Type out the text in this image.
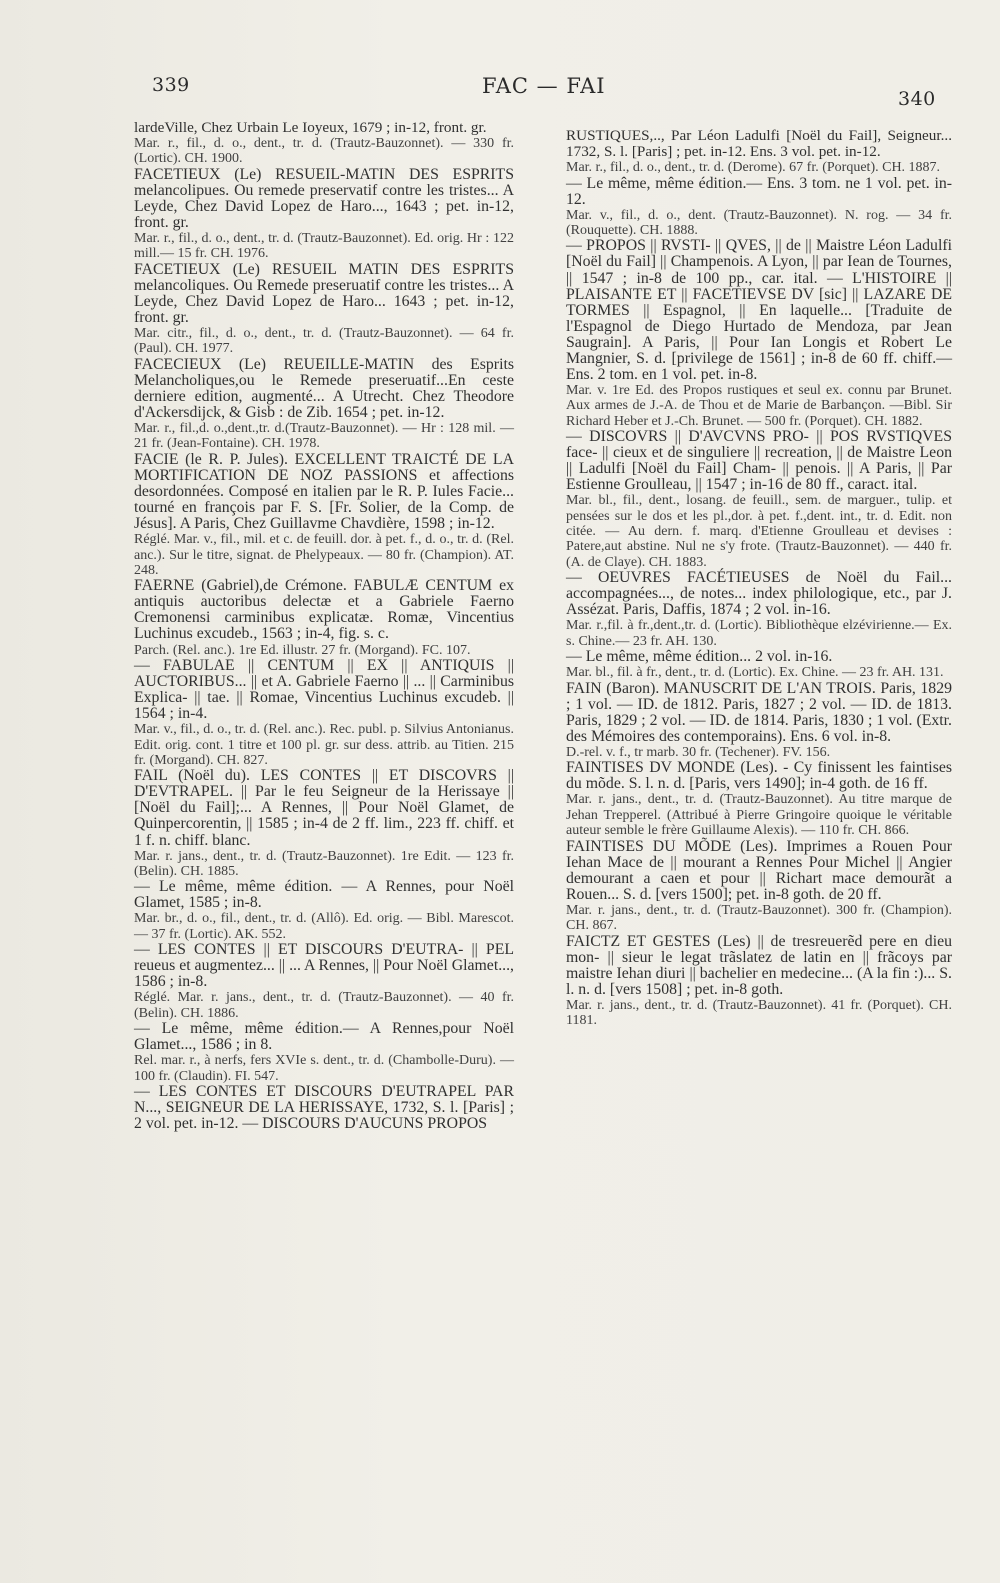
339	FAC — FAI
340

lardeVille, Chez Urbain Le Ioyeux, 1679 ; in-12, front. gr.

Mar. r., fil., d. o., dent., tr. d. (Trautz-Bauzonnet). — 330 fr. (Lortic). CH. 1900.

FACETIEUX (Le) RESUEIL-MATIN DES ESPRITS melancolipues. Ou remede preservatif contre les tristes... A Leyde, Chez David Lopez de Haro..., 1643 ; pet. in-12, front. gr.

Mar. r., fil., d. o., dent., tr. d. (Trautz-Bauzonnet). Ed. orig. Hr : 122 mill.— 15 fr. CH. 1976.

FACETIEUX (Le) RESUEIL MATIN DES ESPRITS melancoliques. Ou Remede preseruatif contre les tristes... A Leyde, Chez David Lopez de Haro... 1643 ; pet. in-12, front. gr.

Mar. citr., fil., d. o., dent., tr. d. (Trautz-Bauzonnet). — 64 fr. (Paul). CH. 1977.

FACECIEUX (Le) REUEILLE-MATIN des Esprits Melancholiques,ou le Remede preseruatif...En ceste derniere edition, augmenté... A Utrecht. Chez Theodore d'Ackersdijck, & Gisb : de Zib. 1654 ; pet. in-12.

Mar. r., fil.,d. o.,dent.,tr. d.(Trautz-Bauzonnet). — Hr : 128 mil. —21 fr. (Jean-Fontaine). CH. 1978.

FACIE (le R. P. Jules). EXCELLENT TRAICTÉ DE LA MORTIFICATION DE NOZ PASSIONS et affections desordonnées. Composé en italien par le R. P. Iules Facie... tourné en françois par F. S. [Fr. Solier, de la Comp. de Jésus]. A Paris, Chez Guillavme Chavdière, 1598 ; in-12.

Réglé. Mar. v., fil., mil. et c. de feuill. dor. à pet. f., d. o., tr. d. (Rel. anc.). Sur le titre, signat. de Phelypeaux. — 80 fr. (Champion). AT. 248.

FAERNE (Gabriel),de Crémone. FABULÆ CENTUM ex antiquis auctoribus delectæ et a Gabriele Faerno Cremonensi carminibus explicatæ. Romæ, Vincentius Luchinus excudeb., 1563 ; in-4, fig. s. c.

Parch. (Rel. anc.). 1re Ed. illustr. 27 fr. (Morgand). FC. 107.

— FABULAE || CENTUM || EX || ANTIQUIS || AUCTORIBUS... || et A. Gabriele Faerno || ... || Carminibus Explica- || tae. || Romae, Vincentius Luchinus excudeb. || 1564 ; in-4.

Mar. v., fil., d. o., tr. d. (Rel. anc.). Rec. publ. p. Silvius Antonianus. Edit. orig. cont. 1 titre et 100 pl. gr. sur dess. attrib. au Titien. 215 fr. (Morgand). CH. 827.

FAIL (Noël du). LES CONTES || ET DISCOVRS || D'EVTRAPEL. || Par le feu Seigneur de la Herissaye || [Noël du Fail];... A Rennes, || Pour Noël Glamet, de Quinpercorentin, || 1585 ; in-4 de 2 ff. lim., 223 ff. chiff. et 1 f. n. chiff. blanc.

Mar. r. jans., dent., tr. d. (Trautz-Bauzonnet). 1re Edit. — 123 fr. (Belin). CH. 1885.

— Le même, même édition. — A Rennes, pour Noël Glamet, 1585 ; in-8.

Mar. br., d. o., fil., dent., tr. d. (Allô). Ed. orig. — Bibl. Marescot. — 37 fr. (Lortic). AK. 552.

— LES CONTES || ET DISCOURS D'EUTRA- || PEL reueus et augmentez... || ... A Rennes, || Pour Noël Glamet..., 1586 ; in-8.

Réglé. Mar. r. jans., dent., tr. d. (Trautz-Bauzonnet). — 40 fr. (Belin). CH. 1886.

— Le même, même édition.— A Rennes,pour Noël Glamet..., 1586 ; in 8.

Rel. mar. r., à nerfs, fers XVIe s. dent., tr. d. (Chambolle-Duru). — 100 fr. (Claudin). FI. 547.

— LES CONTES ET DISCOURS D'EUTRAPEL PAR N..., SEIGNEUR DE LA HERISSAYE, 1732, S. l. [Paris] ; 2 vol. pet. in-12. — DISCOURS D'AUCUNS PROPOS

RUSTIQUES,.., Par Léon Ladulfi [Noël du Fail], Seigneur... 1732, S. l. [Paris] ; pet. in-12. Ens. 3 vol. pet. in-12.

Mar. r., fil., d. o., dent., tr. d. (Derome). 67 fr. (Porquet). CH. 1887.

— Le même, même édition.— Ens. 3 tom. ne 1 vol. pet. in-12.

Mar. v., fil., d. o., dent. (Trautz-Bauzonnet). N. rog. — 34 fr. (Rouquette). CH. 1888.

— PROPOS || RVSTI- || QVES, || de || Maistre Léon Ladulfi [Noël du Fail] || Champenois. A Lyon, || par Iean de Tournes, || 1547 ; in-8 de 100 pp., car. ital. — L'HISTOIRE || PLAISANTE ET || FACETIEVSE DV [sic] || LAZARE DE TORMES || Espagnol, || En laquelle... [Traduite de l'Espagnol de Diego Hurtado de Mendoza, par Jean Saugrain]. A Paris, || Pour Ian Longis et Robert Le Mangnier, S. d. [privilege de 1561] ; in-8 de 60 ff. chiff.— Ens. 2 tom. en 1 vol. pet. in-8.

Mar. v. 1re Ed. des Propos rustiques et seul ex. connu par Brunet. Aux armes de J.-A. de Thou et de Marie de Barbançon. —Bibl. Sir Richard Heber et J.-Ch. Brunet. — 500 fr. (Porquet). CH. 1882.

— DISCOVRS || D'AVCVNS PRO- || POS RVSTIQVES face- || cieux et de singuliere || recreation, || de Maistre Leon || Ladulfi [Noël du Fail] Cham- || penois. || A Paris, || Par Estienne Groulleau, || 1547 ; in-16 de 80 ff., caract. ital.

Mar. bl., fil., dent., losang. de feuill., sem. de marguer., tulip. et pensées sur le dos et les pl.,dor. à pet. f.,dent. int., tr. d. Edit. non citée. — Au dern. f. marq. d'Etienne Groulleau et devises : Patere,aut abstine. Nul ne s'y frote. (Trautz-Bauzonnet). — 440 fr. (A. de Claye). CH. 1883.

— OEUVRES FACÉTIEUSES de Noël du Fail... accompagnées..., de notes... index philologique, etc., par J. Assézat. Paris, Daffis, 1874 ; 2 vol. in-16.

Mar. r.,fil. à fr.,dent.,tr. d. (Lortic). Bibliothèque elzévirienne.— Ex. s. Chine.— 23 fr. AH. 130.

— Le même, même édition... 2 vol. in-16.

Mar. bl., fil. à fr., dent., tr. d. (Lortic). Ex. Chine. — 23 fr. AH. 131.

FAIN (Baron). MANUSCRIT DE L'AN TROIS. Paris, 1829 ; 1 vol. — ID. de 1812. Paris, 1827 ; 2 vol. — ID. de 1813. Paris, 1829 ; 2 vol. — ID. de 1814. Paris, 1830 ; 1 vol. (Extr. des Mémoires des contemporains). Ens. 6 vol. in-8.

D.-rel. v. f., tr marb. 30 fr. (Techener). FV. 156.

FAINTISES DV MONDE (Les). - Cy finissent les faintises du mõde. S. l. n. d. [Paris, vers 1490]; in-4 goth. de 16 ff.

Mar. r. jans., dent., tr. d. (Trautz-Bauzonnet). Au titre marque de Jehan Trepperel. (Attribué à Pierre Gringoire quoique le véritable auteur semble le frère Guillaume Alexis). — 110 fr. CH. 866.

FAINTISES DU MÕDE (Les). Imprimes a Rouen Pour Iehan Mace de || mourant a Rennes Pour Michel || Angier demourant a caen et pour || Richart mace demourãt a Rouen... S. d. [vers 1500]; pet. in-8 goth. de 20 ff.

Mar. r. jans., dent., tr. d. (Trautz-Bauzonnet). 300 fr. (Champion). CH. 867.

FAICTZ ET GESTES (Les) || de tresreuerẽd pere en dieu mon- || sieur le legat trãslatez de latin en || frãcoys par maistre Iehan diuri || bachelier en medecine... (A la fin :)... S. l. n. d. [vers 1508] ; pet. in-8 goth.

Mar. r. jans., dent., tr. d. (Trautz-Bauzonnet). 41 fr. (Porquet). CH. 1181.
